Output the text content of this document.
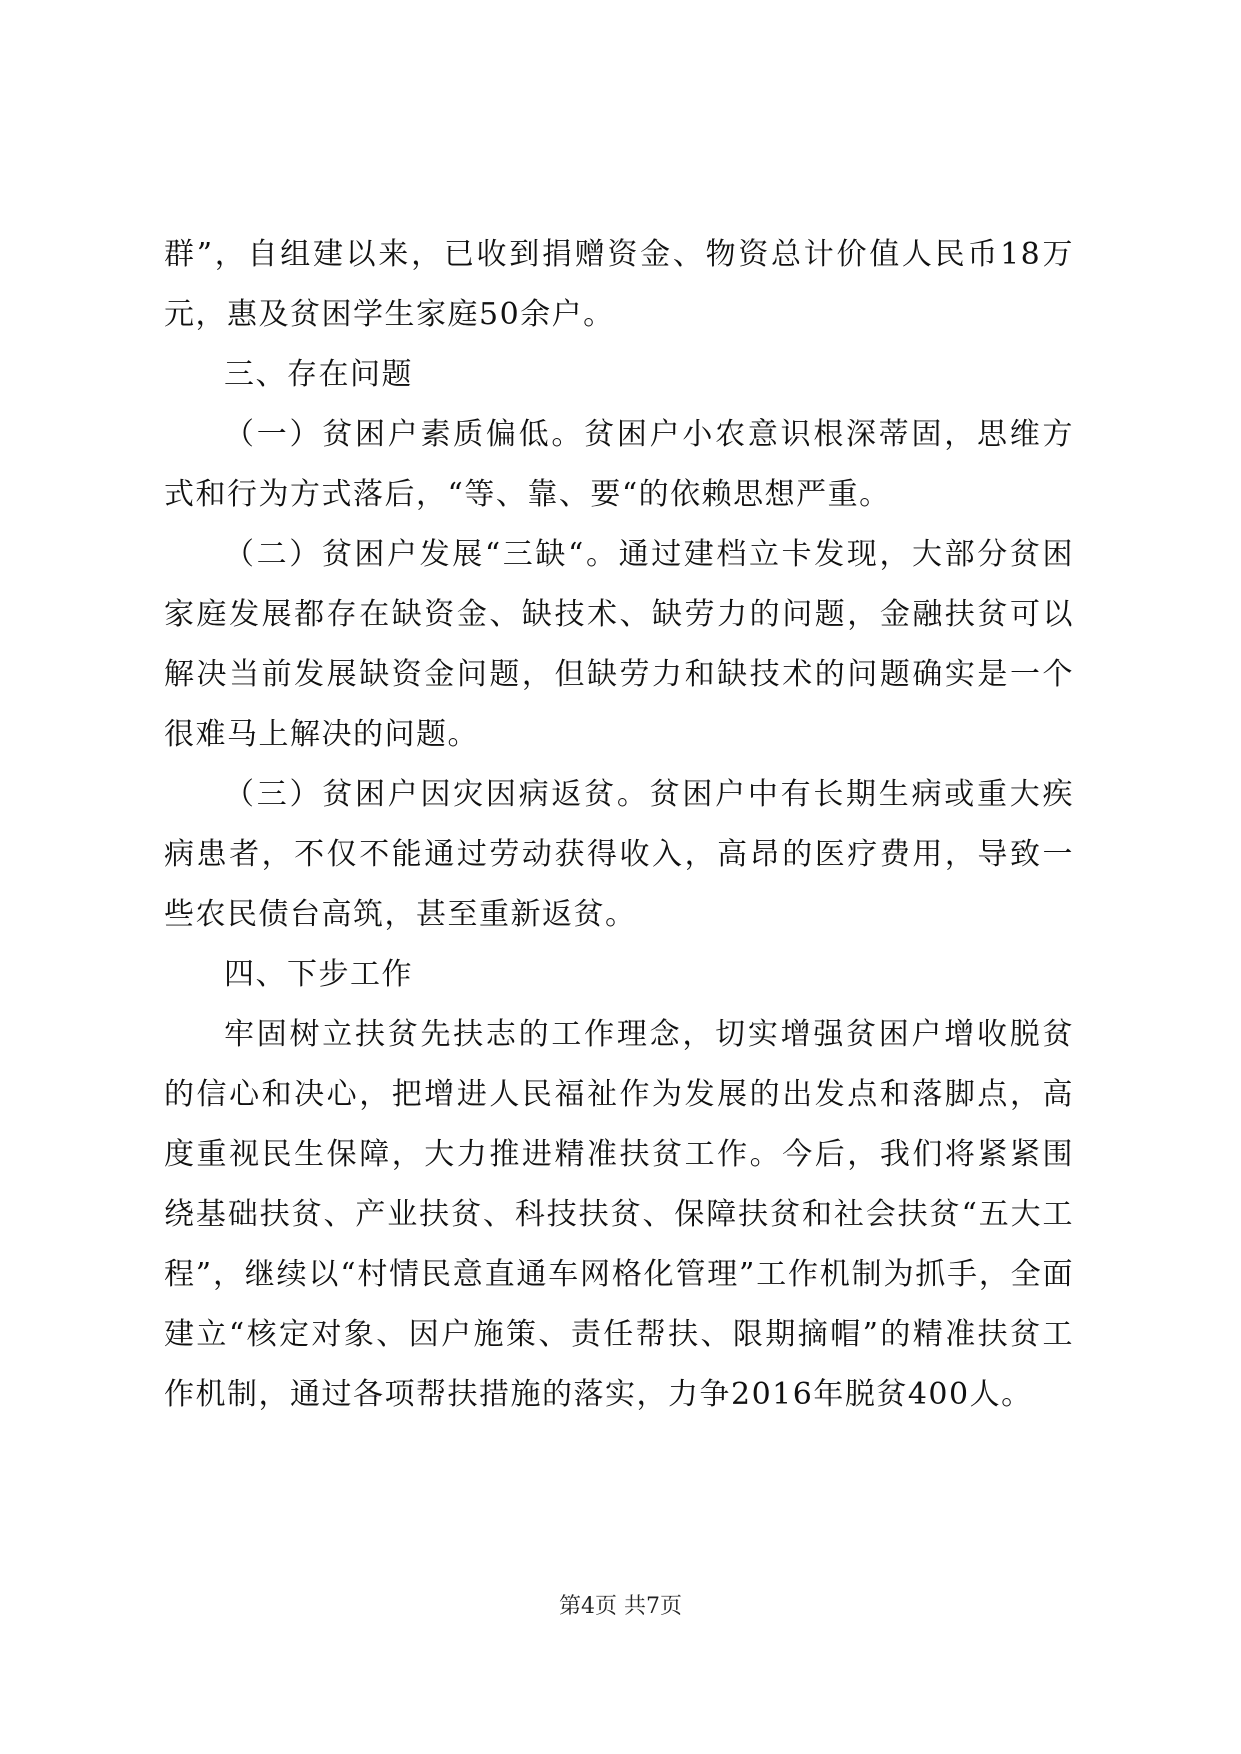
群”，自组建以来，已收到捐赠资金、物资总计价值人民币18万元，惠及贫困学生家庭50余户。

三、存在问题

（一）贫困户素质偏低。贫困户小农意识根深蒂固，思维方式和行为方式落后，“等、靠、要“的依赖思想严重。

（二）贫困户发展“三缺“。通过建档立卡发现，大部分贫困家庭发展都存在缺资金、缺技术、缺劳力的问题，金融扶贫可以解决当前发展缺资金问题，但缺劳力和缺技术的问题确实是一个很难马上解决的问题。

（三）贫困户因灾因病返贫。贫困户中有长期生病或重大疾病患者，不仅不能通过劳动获得收入，高昂的医疗费用，导致一些农民债台高筑，甚至重新返贫。

四、下步工作

牢固树立扶贫先扶志的工作理念，切实增强贫困户增收脱贫的信心和决心，把增进人民福祉作为发展的出发点和落脚点，高度重视民生保障，大力推进精准扶贫工作。今后，我们将紧紧围绕基础扶贫、产业扶贫、科技扶贫、保障扶贫和社会扶贫“五大工程”，继续以“村情民意直通车网格化管理”工作机制为抓手，全面建立“核定对象、因户施策、责任帮扶、限期摘帽”的精准扶贫工作机制，通过各项帮扶措施的落实，力争2016年脱贫400人。

第4页 共7页
